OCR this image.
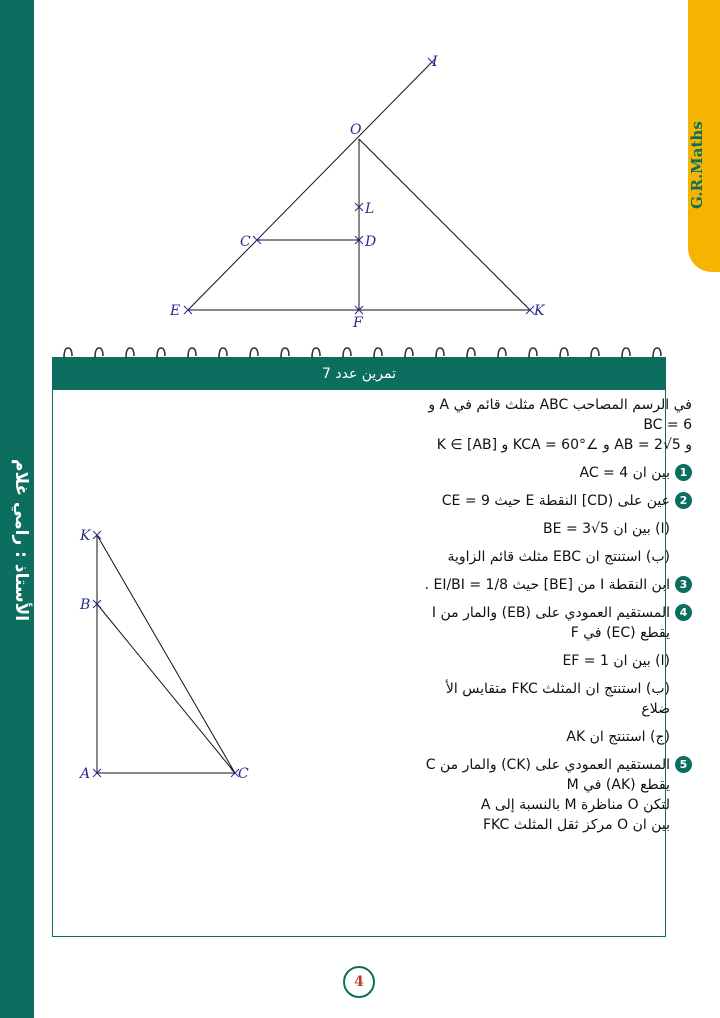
الأستاذ : رامي غلام
G.R.Maths
I
O
L
C	D
E
F
K
تمرين عدد 7
K
B
A	C

في الرسم المصاحب ABC مثلث قائم في A و

BC = 6

و AB = 2√5 و ∠KCA = 60° و K ∈ [AB]

1

بين ان AC = 4

2

عين على (CD] النقطة E حيث CE = 9

(ا) بين ان BE = 3√5

(ب) استنتج ان EBC مثلث قائم الزاوية

3

ابن النقطة I من [BE] حيث EI/BI = 1/8 .

4

المستقيم العمودي على (EB) والمار من I

يقطع (EC) في F

(ا) بين ان EF = 1

(ب) استنتج ان المثلث FKC متقايس الأ

ضلاع

(ج) استنتج ان AK

5

المستقيم العمودي على (CK) والمار من C

يقطع (AK) في M

لتكن O مناظرة M بالنسبة إلى A

بين ان O مركز ثقل المثلث FKC

4
